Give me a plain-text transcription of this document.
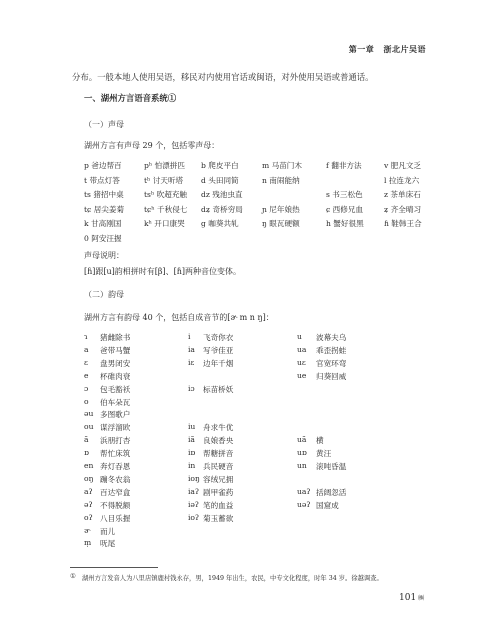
第一章 浙北片吴语
分布。一般本地人使用吴语，移民对内使用官话或闽语，对外使用吴语或普通话。
一、湖州方言语音系统①
（一）声母
湖州方言有声母 29 个，包括零声母：
p 爸边帮百	pʰ 怕漂拼匹 b 爬皮平白	m 马苗门木	f 翻非方法	v 肥凡文乏
t 带点灯答	tʰ 讨天听塔 d 头田同简	n 南闹能纳	l 拉连龙六
ts 猪招中桌	tsʰ 吹超充触 dz 残池虫直	s 书三松色	z 茶单床石
tɕ 居尖姜菊	tɕʰ 千秋侵七 dʑ 奇桥穷局	ɲ 尼年娘热	ɕ 西修兄血	ʑ 齐全晴习
k 甘高刚国	kʰ 开口康哭 g 咖葵共轧	ŋ 眼瓦硬额	h 蟹好很黑	ɦ 鞋韩王合
0 阿安汪握
声母说明：
[ɦ]跟[u]韵相拼时有[β]、[ɦ]两种音位变体。
（二）韵母
湖州方言有韵母 40 个，包括自成音节的[ɚ m n ŋ]：
ɿ 猪雌除书	i 飞奇你衣	u 波幕夫乌
a 爸带马蟹	ia 写爷佳亚	ua 乖歪拐蛙
ɛ 盘男闭安	iɛ 边年千烟	uɛ 官宽环弯
e 杯碓肉衰	ue 归葵回威
ɔ 包毛豁袄	iɔ 标苗桥妖
o 伯车朵瓦
əu 多图歌户
ou 谋浮溜欧	iu 舟求牛优
ã 浜朋打杏	iã 良娘香央	uã 横
ɒ 帮忙床筑	iɒ 帮糖拼音	uɒ 黄汪
en 奔灯吞恩	in 兵民硬音	un 滚吨昏温
oŋ 蹦冬农翁	ioŋ 容绒兄拥
aʔ 百达窄盒	iaʔ 剧甲雀药	uaʔ 括阔忽活
əʔ 不得脱额	iəʔ 笔的血益	uəʔ 国窟成
oʔ 八目乐握	ioʔ 菊玉蓄欲
ɚ 而儿
m̩ 呒尾
① 湖州方言发音人为八里店镇鹿村钱永存，男，1949 年出生，农民，中专文化程度，时年 34 岁。徐越调查。
101 ㈱
